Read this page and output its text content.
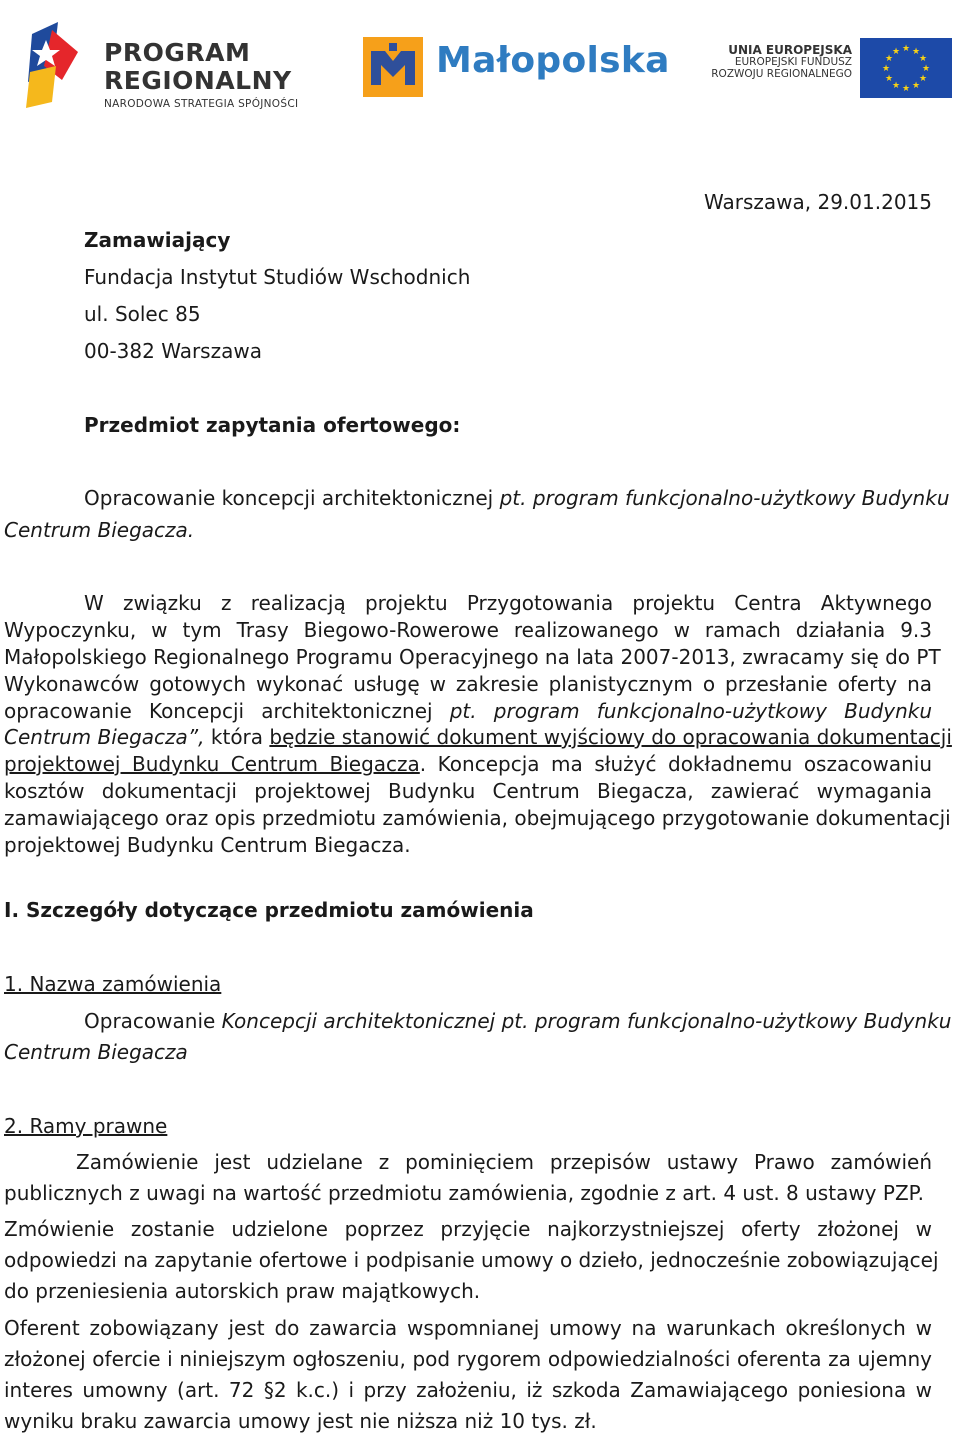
PROGRAM
REGIONALNY
NARODOWA STRATEGIA SPÓJNOŚCI
Małopolska	UNIA EUROPEJSKA
EUROPEJSKI FUNDUSZ
ROZWOJU REGIONALNEGO
★ ★
★
★
★
★
★
★
★
★
★
★
Warszawa, 29.01.2015
Zamawiający
Fundacja Instytut Studiów Wschodnich
ul. Solec 85
00-382 Warszawa
Przedmiot zapytania ofertowego:
Opracowanie koncepcji architektonicznej pt. program funkcjonalno-użytkowy Budynku
Centrum Biegacza.
W związku z realizacją projektu Przygotowania projektu Centra Aktywnego
Wypoczynku, w tym Trasy Biegowo-Rowerowe realizowanego w ramach działania 9.3
Małopolskiego Regionalnego Programu Operacyjnego na lata 2007-2013, zwracamy się do PT
Wykonawców gotowych wykonać usługę w zakresie planistycznym o przesłanie oferty na
opracowanie Koncepcji architektonicznej pt. program funkcjonalno-użytkowy Budynku
Centrum Biegacza”, która będzie stanowić dokument wyjściowy do opracowania dokumentacji
projektowej Budynku Centrum Biegacza. Koncepcja ma służyć dokładnemu oszacowaniu
kosztów dokumentacji projektowej Budynku Centrum Biegacza, zawierać wymagania
zamawiającego oraz opis przedmiotu zamówienia, obejmującego przygotowanie dokumentacji
projektowej Budynku Centrum Biegacza.
I. Szczegóły dotyczące przedmiotu zamówienia
1. Nazwa zamówienia
Opracowanie Koncepcji architektonicznej pt. program funkcjonalno-użytkowy Budynku
Centrum Biegacza
2. Ramy prawne
Zamówienie jest udzielane z pominięciem przepisów ustawy Prawo zamówień
publicznych z uwagi na wartość przedmiotu zamówienia, zgodnie z art. 4 ust. 8 ustawy PZP.
Zmówienie zostanie udzielone poprzez przyjęcie najkorzystniejszej oferty złożonej w
odpowiedzi na zapytanie ofertowe i podpisanie umowy o dzieło, jednocześnie zobowiązującej
do przeniesienia autorskich praw majątkowych.
Oferent zobowiązany jest do zawarcia wspomnianej umowy na warunkach określonych w
złożonej ofercie i niniejszym ogłoszeniu, pod rygorem odpowiedzialności oferenta za ujemny
interes umowny (art. 72 §2 k.c.) i przy założeniu, iż szkoda Zamawiającego poniesiona w
wyniku braku zawarcia umowy jest nie niższa niż 10 tys. zł.
